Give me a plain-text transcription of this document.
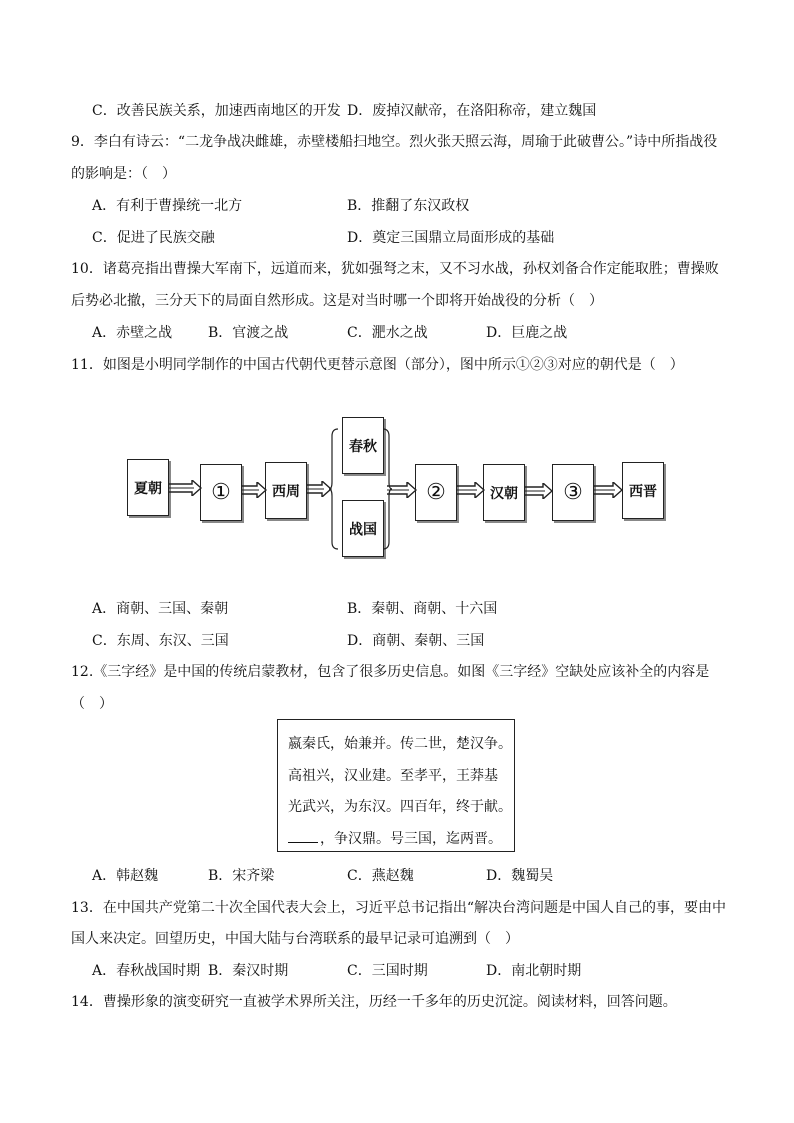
C．改善民族关系，加速西南地区的开发 D．废掉汉献帝，在洛阳称帝，建立魏国
9．李白有诗云：“二龙争战决雌雄，赤壁楼船扫地空。烈火张天照云海，周瑜于此破曹公。”诗中所指战役
的影响是：（　）
A．有利于曹操统一北方	B．推翻了东汉政权
C．促进了民族交融	D．奠定三国鼎立局面形成的基础
10．诸葛亮指出曹操大军南下，远道而来，犹如强弩之末，又不习水战，孙权刘备合作定能取胜；曹操败
后势必北撤，三分天下的局面自然形成。这是对当时哪一个即将开始战役的分析（　）
A．赤壁之战	B．官渡之战	C．淝水之战	D．巨鹿之战
11．如图是小明同学制作的中国古代朝代更替示意图（部分），图中所示①②③对应的朝代是（　）
夏朝	①	西周
春秋
战国
②	汉朝	③	西晋
A．商朝、三国、秦朝	B．秦朝、商朝、十六国
C．东周、东汉、三国	D．商朝、秦朝、三国
12.《三字经》是中国的传统启蒙教材，包含了很多历史信息。如图《三字经》空缺处应该补全的内容是
（　）
嬴秦氏，始兼并。传二世，楚汉争。
高祖兴，汉业建。至孝平，王莽基
光武兴，为东汉。四百年，终于献。
，争汉鼎。号三国，迄两晋。
A．韩赵魏	B．宋齐梁	C．燕赵魏	D．魏蜀吴
13．在中国共产党第二十次全国代表大会上，习近平总书记指出“解决台湾问题是中国人自己的事，要由中
国人来决定。回望历史，中国大陆与台湾联系的最早记录可追溯到（　）
A．春秋战国时期 B．秦汉时期	C．三国时期	D．南北朝时期
14．曹操形象的演变研究一直被学术界所关注，历经一千多年的历史沉淀。阅读材料，回答问题。
